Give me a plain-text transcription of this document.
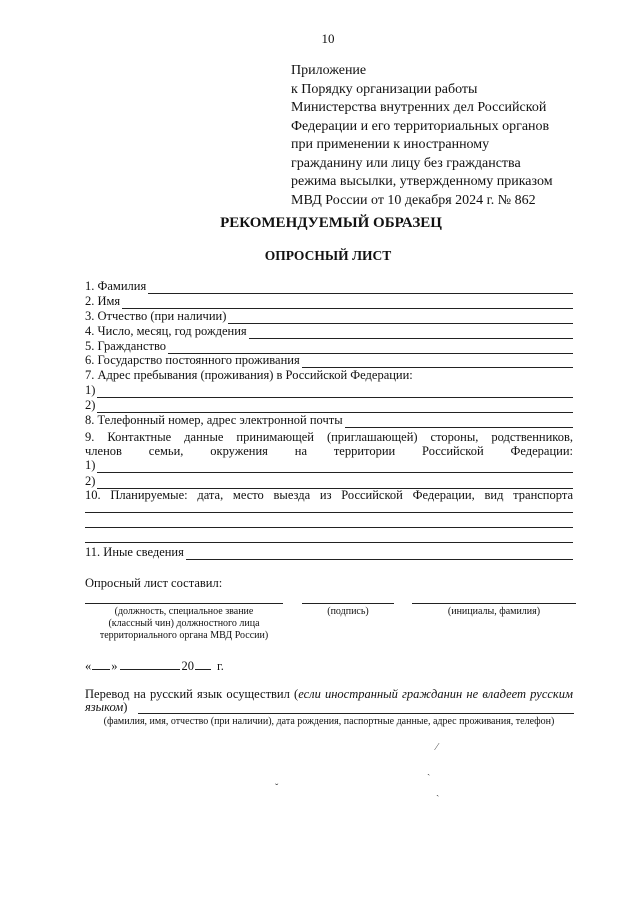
10
Приложение
к Порядку организации работы
Министерства внутренних дел Российской
Федерации и его территориальных органов
при применении к иностранному
гражданину или лицу без гражданства
режима высылки, утвержденному приказом
МВД России от 10 декабря 2024 г. № 862
РЕКОМЕНДУЕМЫЙ ОБРАЗЕЦ
ОПРОСНЫЙ ЛИСТ
1. Фамилия
2. Имя
3. Отчество (при наличии)
4. Число, месяц, год рождения
5. Гражданство
6. Государство постоянного проживания
7. Адрес пребывания (проживания) в Российской Федерации:
1)
2)
8. Телефонный номер, адрес электронной почты
9. Контактные данные принимающей (приглашающей) стороны, родственников,
членов семьи, окружения на территории Российской Федерации:
1)
2)
10. Планируемые: дата, место выезда из Российской Федерации, вид транспорта
11. Иные сведения
Опросный лист составил:
(должность, специальное звание
(классный чин) должностного лица
территориального органа МВД России)
(подпись)	(инициалы, фамилия)
« »	20 г.
Перевод на русский язык осуществил (если иностранный гражданин не владеет русским
языком)
(фамилия, имя, отчество (при наличии), дата рождения, паспортные данные, адрес проживания, телефон)
⁄
ˎ
ˇ	ˎ
